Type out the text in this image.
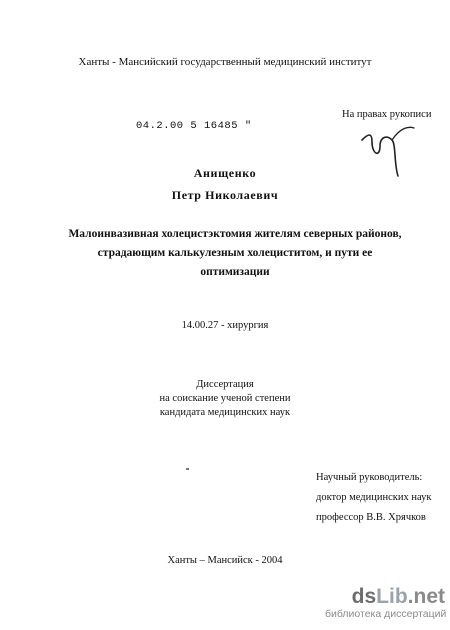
Ханты - Мансийский государственный медицинский институт
04.2.00 5 16485 "
На правах рукописи
Анищенко
Петр Николаевич
Малоинвазивная холецистэктомия жителям северных районов,
страдающим калькулезным холециститом, и пути ее
оптимизации
14.00.27 - хирургия
Диссертация
на соискание ученой степени
кандидата медицинских наук
Научный руководитель:
доктор медицинских наук
профессор В.В. Хрячков
Ханты – Мансийск - 2004
dsLib.net
библиотека диссертаций
